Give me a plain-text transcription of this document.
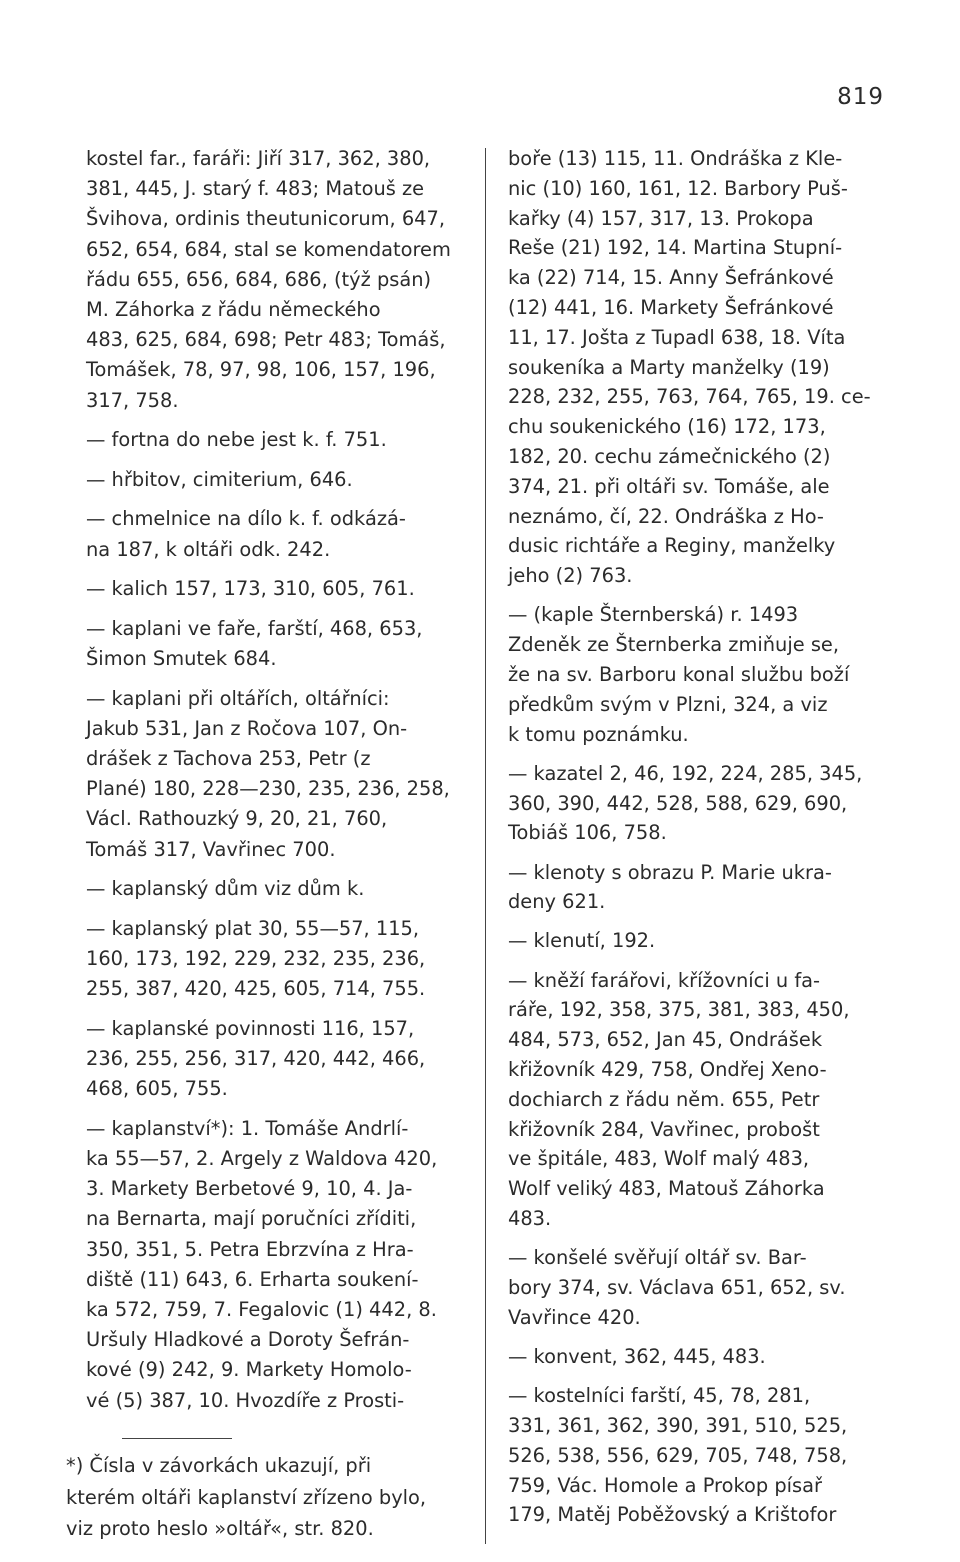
819
kostel far., faráři: Jiří 317, 362, 380,
381, 445, J. starý f. 483; Matouš ze
Švihova, ordinis theutunicorum, 647,
652, 654, 684, stal se komendatorem
řádu 655, 656, 684, 686, (týž psán)
M. Záhorka z řádu německého
483, 625, 684, 698; Petr 483; Tomáš,
Tomášek, 78, 97, 98, 106, 157, 196,
317, 758.
— fortna do nebe jest k. f. 751.
— hřbitov, cimiterium, 646.
— chmelnice na dílo k. f. odkázá-
na 187, k oltáři odk. 242.
— kalich 157, 173, 310, 605, 761.
— kaplani ve faře, farští, 468, 653,
Šimon Smutek 684.
— kaplani při oltářích, oltářníci:
Jakub 531, Jan z Ročova 107, On-
drášek z Tachova 253, Petr (z
Plané) 180, 228—230, 235, 236, 258,
Václ. Rathouzký 9, 20, 21, 760,
Tomáš 317, Vavřinec 700.
— kaplanský dům viz dům k.
— kaplanský plat 30, 55—57, 115,
160, 173, 192, 229, 232, 235, 236,
255, 387, 420, 425, 605, 714, 755.
— kaplanské povinnosti 116, 157,
236, 255, 256, 317, 420, 442, 466,
468, 605, 755.
— kaplanství*): 1. Tomáše Andrlí-
ka 55—57, 2. Argely z Waldova 420,
3. Markety Berbetové 9, 10, 4. Ja-
na Bernarta, mají poručníci zříditi,
350, 351, 5. Petra Ebrzvína z Hra-
diště (11) 643, 6. Erharta soukení-
ka 572, 759, 7. Fegalovic (1) 442, 8.
Uršuly Hladkové a Doroty Šefrán-
kové (9) 242, 9. Markety Homolo-
vé (5) 387, 10. Hvozdíře z Prosti-
boře (13) 115, 11. Ondráška z Kle-
nic (10) 160, 161, 12. Barbory Puš-
kařky (4) 157, 317, 13. Prokopa
Reše (21) 192, 14. Martina Stupní-
ka (22) 714, 15. Anny Šefránkové
(12) 441, 16. Markety Šefránkové
11, 17. Jošta z Tupadl 638, 18. Víta
soukeníka a Marty manželky (19)
228, 232, 255, 763, 764, 765, 19. ce-
chu soukenického (16) 172, 173,
182, 20. cechu zámečnického (2)
374, 21. při oltáři sv. Tomáše, ale
neznámo, čí, 22. Ondráška z Ho-
dusic richtáře a Reginy, manželky
jeho (2) 763.
— (kaple Šternberská) r. 1493
Zdeněk ze Šternberka zmiňuje se,
že na sv. Barboru konal službu boží
předkům svým v Plzni, 324, a viz
k tomu poznámku.
— kazatel 2, 46, 192, 224, 285, 345,
360, 390, 442, 528, 588, 629, 690,
Tobiáš 106, 758.
— klenoty s obrazu P. Marie ukra-
deny 621.
— klenutí, 192.
— kněží farářovi, křížovníci u fa-
ráře, 192, 358, 375, 381, 383, 450,
484, 573, 652, Jan 45, Ondrášek
křižovník 429, 758, Ondřej Xeno-
dochiarch z řádu něm. 655, Petr
křižovník 284, Vavřinec, probošt
ve špitále, 483, Wolf malý 483,
Wolf veliký 483, Matouš Záhorka
483.
— konšelé svěřují oltář sv. Bar-
bory 374, sv. Václava 651, 652, sv.
Vavřince 420.
— konvent, 362, 445, 483.
— kostelníci farští, 45, 78, 281,
331, 361, 362, 390, 391, 510, 525,
526, 538, 556, 629, 705, 748, 758,
759, Vác. Homole a Prokop písař
179, Matěj Poběžovský a Krištofor
*) Čísla v závorkách ukazují, při
kterém oltáři kaplanství zřízeno bylo,
viz proto heslo »oltář«, str. 820.
